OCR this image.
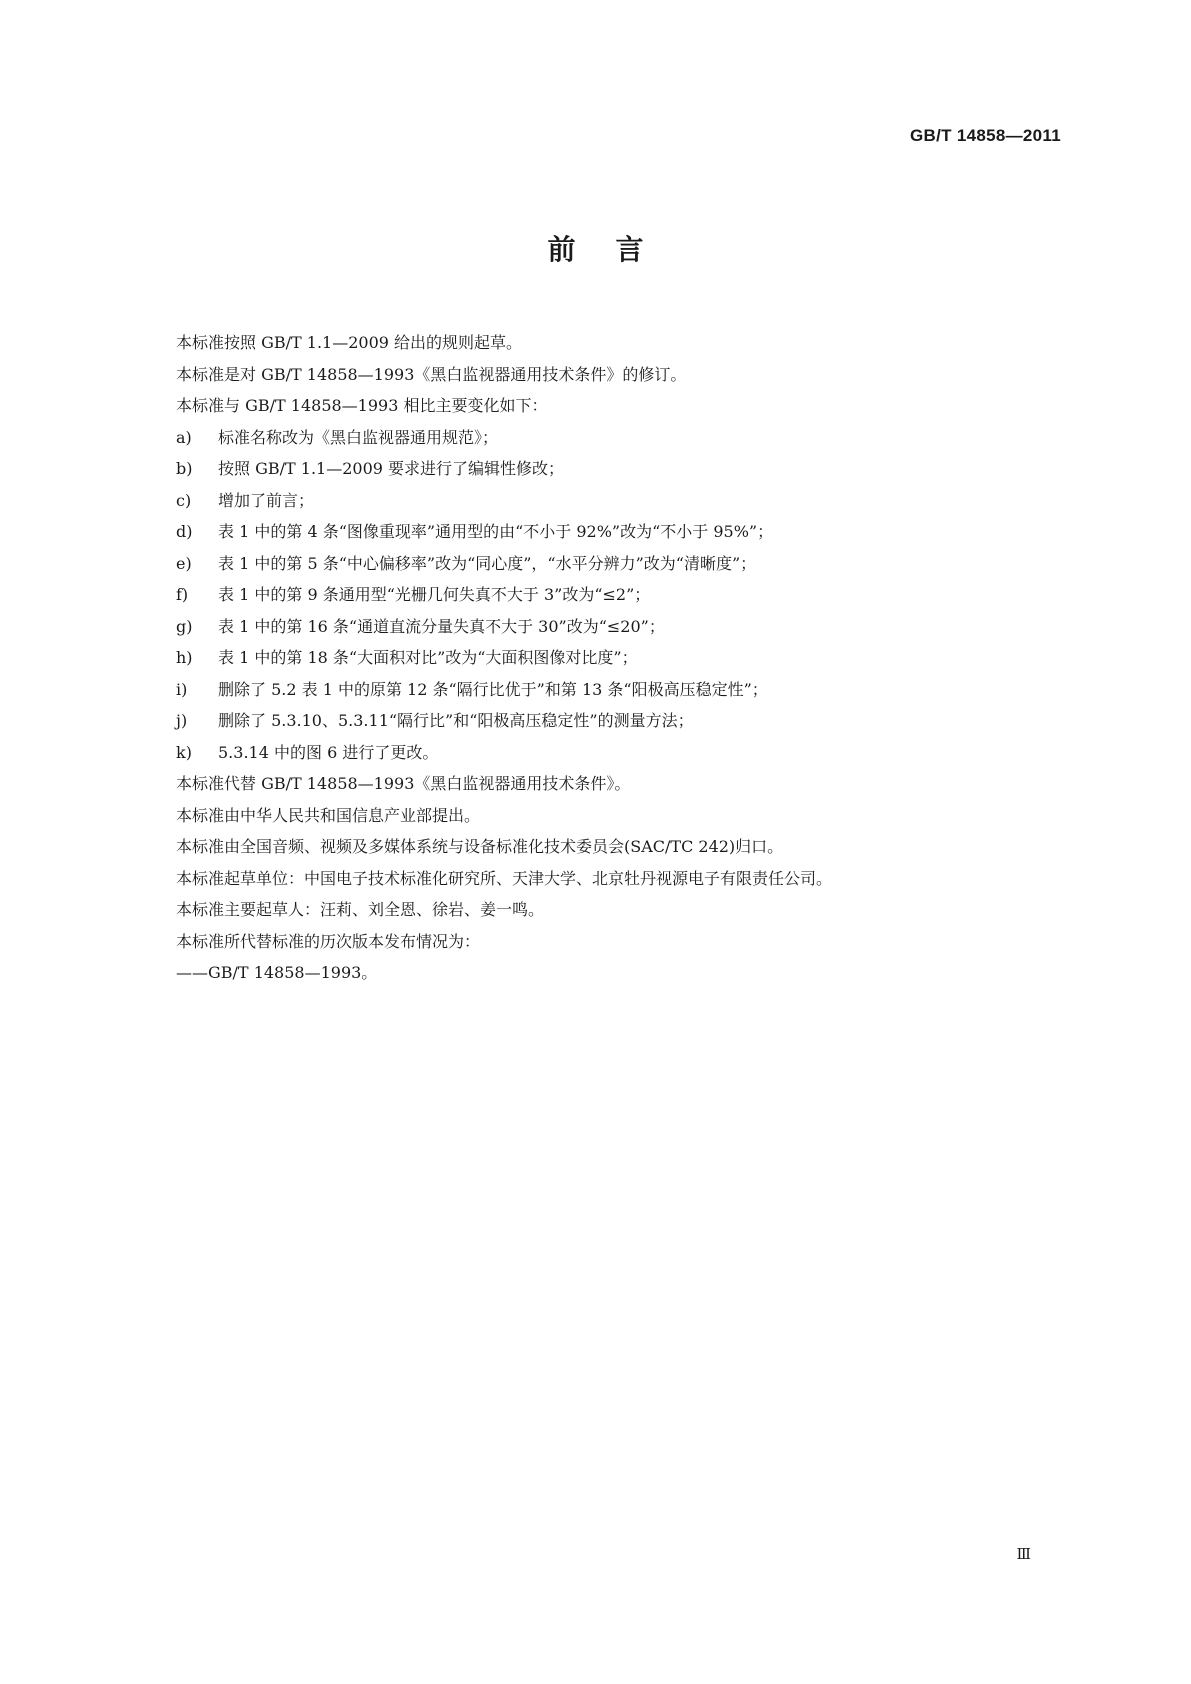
GB/T 14858—2011
前言
本标准按照 GB/T 1.1—2009 给出的规则起草。
本标准是对 GB/T 14858—1993《黑白监视器通用技术条件》的修订。
本标准与 GB/T 14858—1993 相比主要变化如下：
a) 标准名称改为《黑白监视器通用规范》；
b) 按照 GB/T 1.1—2009 要求进行了编辑性修改；
c) 增加了前言；
d) 表 1 中的第 4 条“图像重现率”通用型的由“不小于 92%”改为“不小于 95%”；
e) 表 1 中的第 5 条“中心偏移率”改为“同心度”，“水平分辨力”改为“清晰度”；
f) 表 1 中的第 9 条通用型“光栅几何失真不大于 3”改为“≤2”；
g) 表 1 中的第 16 条“通道直流分量失真不大于 30”改为“≤20”；
h) 表 1 中的第 18 条“大面积对比”改为“大面积图像对比度”；
i) 删除了 5.2 表 1 中的原第 12 条“隔行比优于”和第 13 条“阳极高压稳定性”；
j) 删除了 5.3.10、5.3.11“隔行比”和“阳极高压稳定性”的测量方法；
k) 5.3.14 中的图 6 进行了更改。
本标准代替 GB/T 14858—1993《黑白监视器通用技术条件》。
本标准由中华人民共和国信息产业部提出。
本标准由全国音频、视频及多媒体系统与设备标准化技术委员会(SAC/TC 242)归口。
本标准起草单位：中国电子技术标准化研究所、天津大学、北京牡丹视源电子有限责任公司。
本标准主要起草人：汪莉、刘全恩、徐岩、姜一鸣。
本标准所代替标准的历次版本发布情况为：
——GB/T 14858—1993。
Ⅲ
